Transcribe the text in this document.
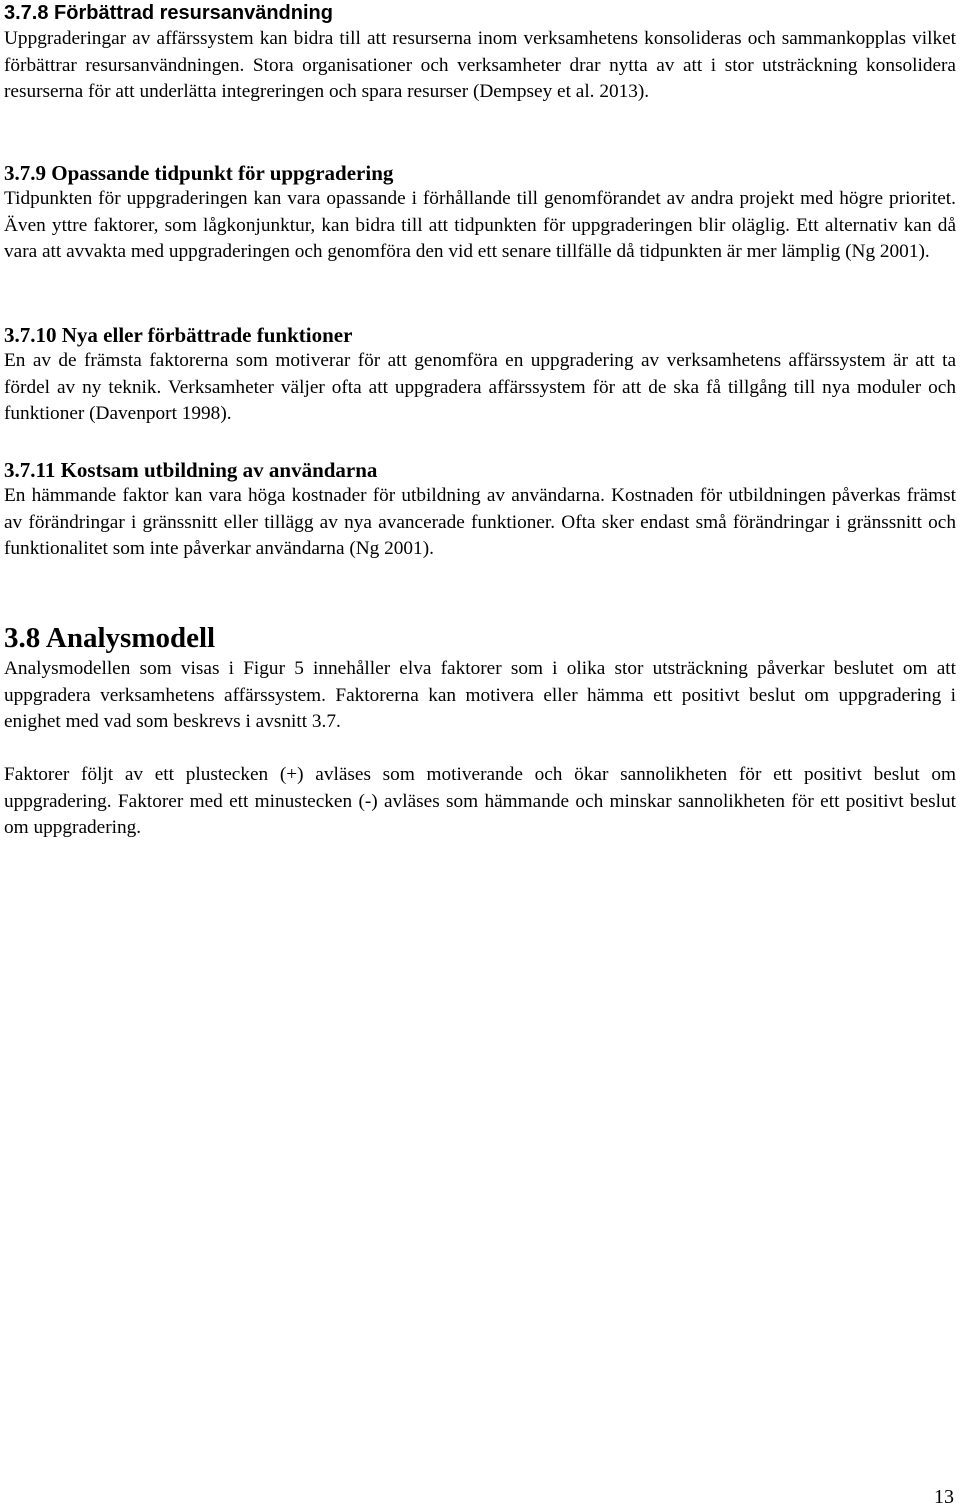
3.7.8 Förbättrad resursanvändning

Uppgraderingar av affärssystem kan bidra till att resurserna inom verksamhetens konsolideras och sammankopplas vilket förbättrar resursanvändningen. Stora organisationer och verksamheter drar nytta av att i stor utsträckning konsolidera resurserna för att underlätta integreringen och spara resurser (Dempsey et al. 2013).

3.7.9 Opassande tidpunkt för uppgradering

Tidpunkten för uppgraderingen kan vara opassande i förhållande till genomförandet av andra projekt med högre prioritet. Även yttre faktorer, som lågkonjunktur, kan bidra till att tidpunkten för uppgraderingen blir oläglig. Ett alternativ kan då vara att avvakta med uppgraderingen och genomföra den vid ett senare tillfälle då tidpunkten är mer lämplig (Ng 2001).

3.7.10 Nya eller förbättrade funktioner

En av de främsta faktorerna som motiverar för att genomföra en uppgradering av verksamhetens affärssystem är att ta fördel av ny teknik. Verksamheter väljer ofta att uppgradera affärssystem för att de ska få tillgång till nya moduler och funktioner (Davenport 1998).

3.7.11 Kostsam utbildning av användarna

En hämmande faktor kan vara höga kostnader för utbildning av användarna. Kostnaden för utbildningen påverkas främst av förändringar i gränssnitt eller tillägg av nya avancerade funktioner. Ofta sker endast små förändringar i gränssnitt och funktionalitet som inte påverkar användarna (Ng 2001).

3.8 Analysmodell

Analysmodellen som visas i Figur 5 innehåller elva faktorer som i olika stor utsträckning påverkar beslutet om att uppgradera verksamhetens affärssystem. Faktorerna kan motivera eller hämma ett positivt beslut om uppgradering i enighet med vad som beskrevs i avsnitt 3.7.

Faktorer följt av ett plustecken (+) avläses som motiverande och ökar sannolikheten för ett positivt beslut om uppgradering. Faktorer med ett minustecken (-) avläses som hämmande och minskar sannolikheten för ett positivt beslut om uppgradering.

13
